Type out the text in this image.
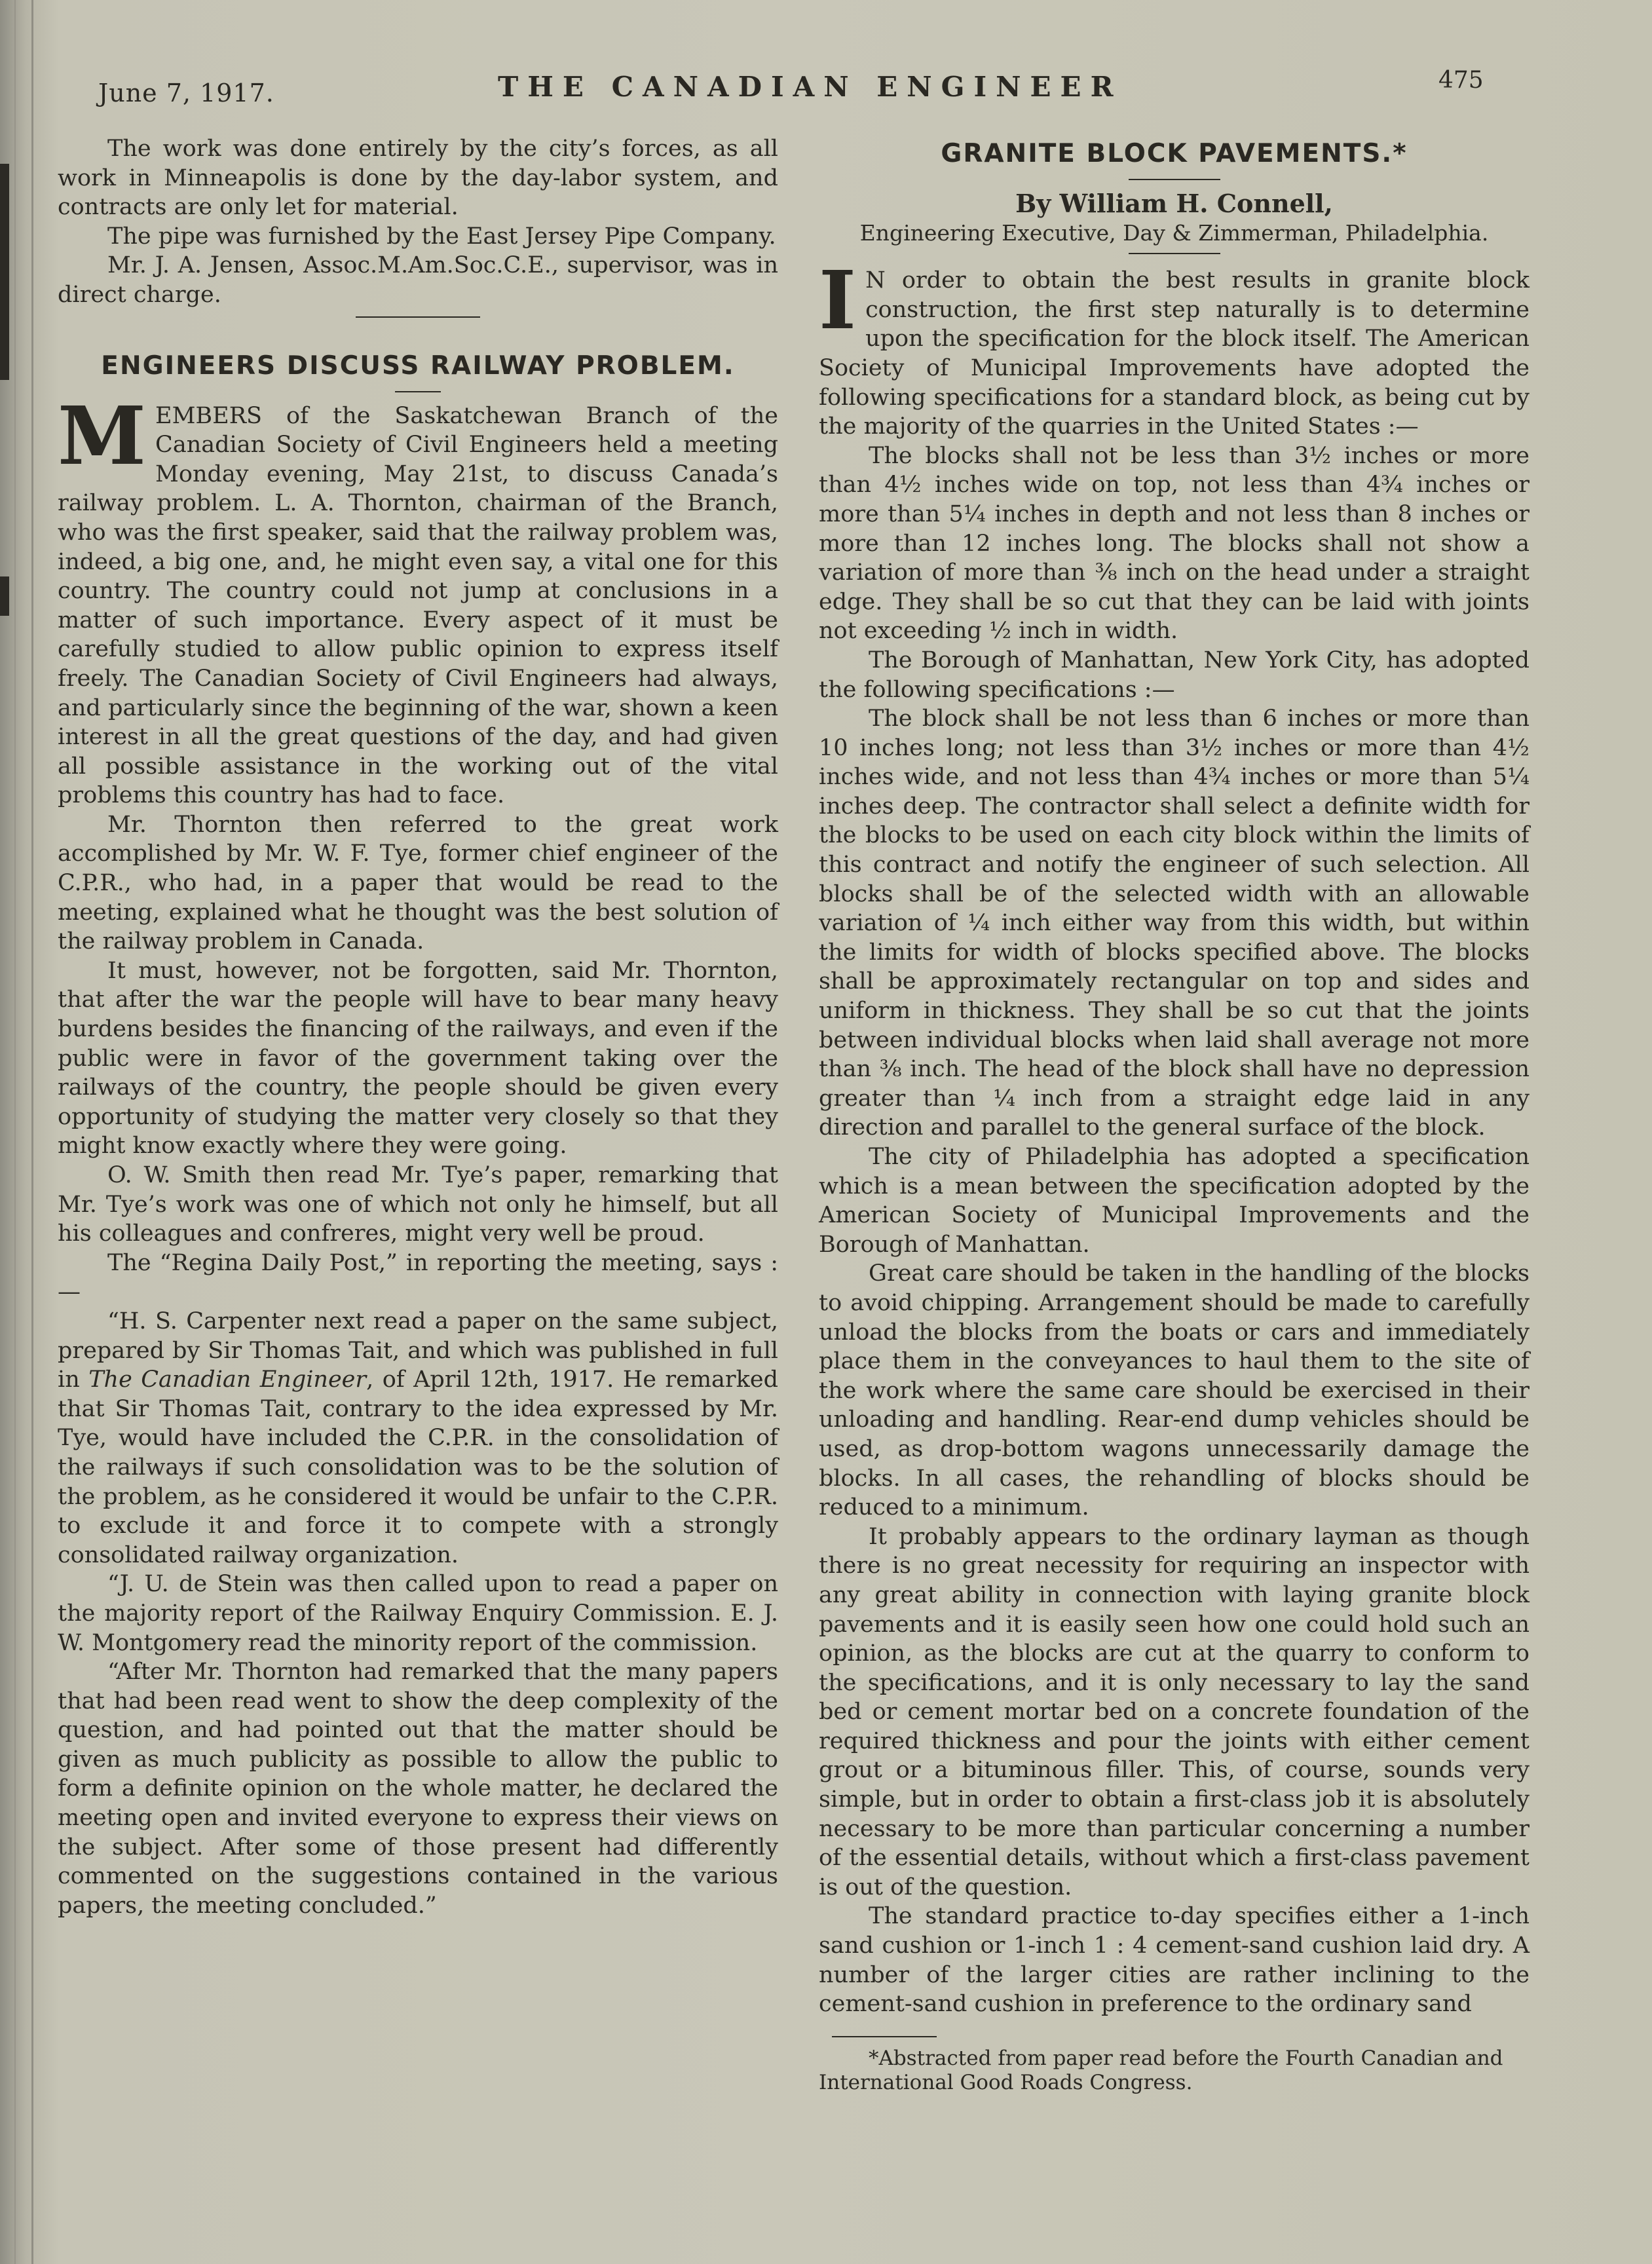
June 7, 1917.	THE CANADIAN ENGINEER	475

The work was done entirely by the city’s forces, as all work in Minneapolis is done by the day-labor system, and contracts are only let for material.

The pipe was furnished by the East Jersey Pipe Company.

Mr. J. A. Jensen, Assoc.M.Am.Soc.C.E., supervisor, was in direct charge.

ENGINEERS DISCUSS RAILWAY PROBLEM.

MEMBERS of the Saskatchewan Branch of the Canadian Society of Civil Engineers held a meeting Monday evening, May 21st, to discuss Canada’s railway problem. L. A. Thornton, chairman of the Branch, who was the first speaker, said that the railway problem was, indeed, a big one, and, he might even say, a vital one for this country. The country could not jump at conclusions in a matter of such importance. Every aspect of it must be carefully studied to allow public opinion to express itself freely. The Canadian Society of Civil Engineers had always, and particularly since the beginning of the war, shown a keen interest in all the great questions of the day, and had given all possible assistance in the working out of the vital problems this country has had to face.

Mr. Thornton then referred to the great work accomplished by Mr. W. F. Tye, former chief engineer of the C.P.R., who had, in a paper that would be read to the meeting, explained what he thought was the best solution of the railway problem in Canada.

It must, however, not be forgotten, said Mr. Thornton, that after the war the people will have to bear many heavy burdens besides the financing of the railways, and even if the public were in favor of the government taking over the railways of the country, the people should be given every opportunity of studying the matter very closely so that they might know exactly where they were going.

O. W. Smith then read Mr. Tye’s paper, remarking that Mr. Tye’s work was one of which not only he himself, but all his colleagues and confreres, might very well be proud.

The “Regina Daily Post,” in reporting the meeting, says :—

“H. S. Carpenter next read a paper on the same subject, prepared by Sir Thomas Tait, and which was published in full in The Canadian Engineer, of April 12th, 1917. He remarked that Sir Thomas Tait, contrary to the idea expressed by Mr. Tye, would have included the C.P.R. in the consolidation of the railways if such consolidation was to be the solution of the problem, as he considered it would be unfair to the C.P.R. to exclude it and force it to compete with a strongly consolidated railway organization.

“J. U. de Stein was then called upon to read a paper on the majority report of the Railway Enquiry Commission. E. J. W. Montgomery read the minority report of the commission.

“After Mr. Thornton had remarked that the many papers that had been read went to show the deep complexity of the question, and had pointed out that the matter should be given as much publicity as possible to allow the public to form a definite opinion on the whole matter, he declared the meeting open and invited everyone to express their views on the subject. After some of those present had differently commented on the suggestions contained in the various papers, the meeting concluded.”

GRANITE BLOCK PAVEMENTS.*

By William H. Connell,

Engineering Executive, Day & Zimmerman, Philadelphia.

I N order to obtain the best results in granite block construction, the first step naturally is to determine upon the specification for the block itself. The American Society of Municipal Improvements have adopted the following specifications for a standard block, as being cut by the majority of the quarries in the United States :—

The blocks shall not be less than 3½ inches or more than 4½ inches wide on top, not less than 4¾ inches or more than 5¼ inches in depth and not less than 8 inches or more than 12 inches long. The blocks shall not show a variation of more than ⅜ inch on the head under a straight edge. They shall be so cut that they can be laid with joints not exceeding ½ inch in width.

The Borough of Manhattan, New York City, has adopted the following specifications :—

The block shall be not less than 6 inches or more than 10 inches long; not less than 3½ inches or more than 4½ inches wide, and not less than 4¾ inches or more than 5¼ inches deep. The contractor shall select a definite width for the blocks to be used on each city block within the limits of this contract and notify the engineer of such selection. All blocks shall be of the selected width with an allowable variation of ¼ inch either way from this width, but within the limits for width of blocks specified above. The blocks shall be approximately rectangular on top and sides and uniform in thickness. They shall be so cut that the joints between individual blocks when laid shall average not more than ⅜ inch. The head of the block shall have no depression greater than ¼ inch from a straight edge laid in any direction and parallel to the general surface of the block.

The city of Philadelphia has adopted a specification which is a mean between the specification adopted by the American Society of Municipal Improvements and the Borough of Manhattan.

Great care should be taken in the handling of the blocks to avoid chipping. Arrangement should be made to carefully unload the blocks from the boats or cars and immediately place them in the conveyances to haul them to the site of the work where the same care should be exercised in their unloading and handling. Rear-end dump vehicles should be used, as drop-bottom wagons unnecessarily damage the blocks. In all cases, the rehandling of blocks should be reduced to a minimum.

It probably appears to the ordinary layman as though there is no great necessity for requiring an inspector with any great ability in connection with laying granite block pavements and it is easily seen how one could hold such an opinion, as the blocks are cut at the quarry to conform to the specifications, and it is only necessary to lay the sand bed or cement mortar bed on a concrete foundation of the required thickness and pour the joints with either cement grout or a bituminous filler. This, of course, sounds very simple, but in order to obtain a first-class job it is absolutely necessary to be more than particular concerning a number of the essential details, without which a first-class pavement is out of the question.

The standard practice to-day specifies either a 1-inch sand cushion or 1-inch 1 : 4 cement-sand cushion laid dry. A number of the larger cities are rather inclining to the cement-sand cushion in preference to the ordinary sand

*Abstracted from paper read before the Fourth Canadian and International Good Roads Congress.
